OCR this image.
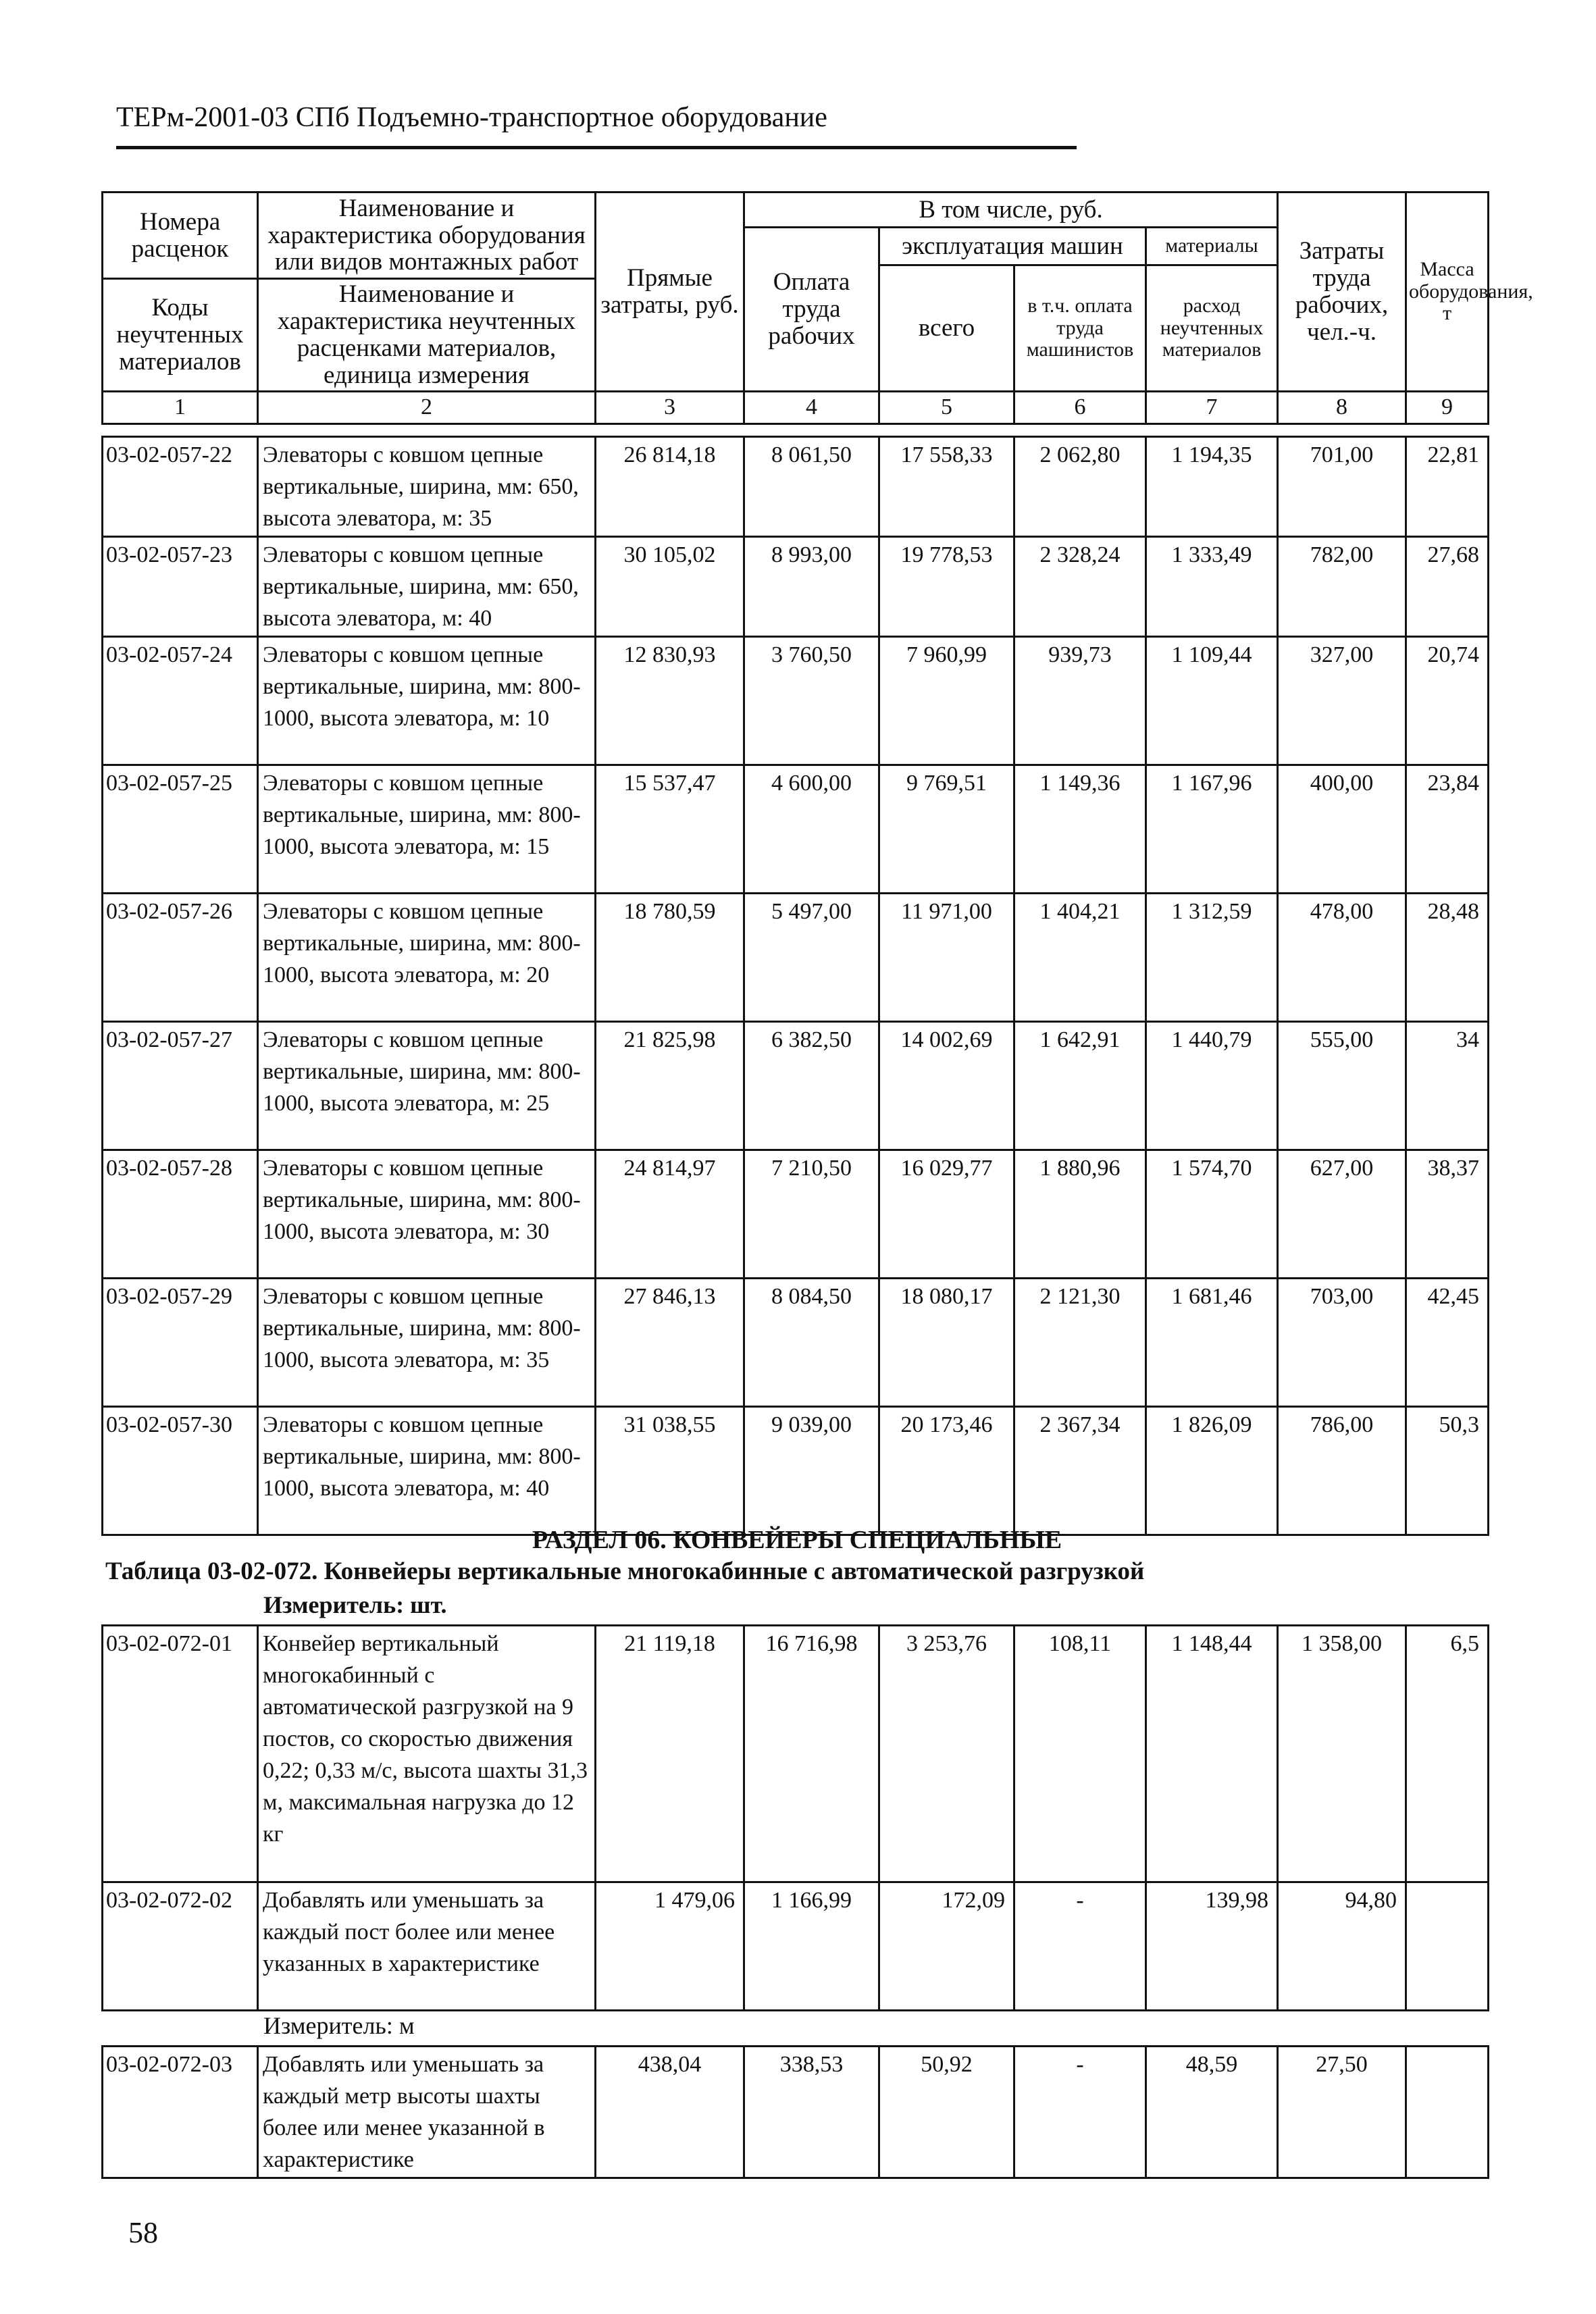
ТЕРм-2001-03 СПб Подъемно-транспортное оборудование
Номера расценок	Наименование и характеристика оборудования или видов монтажных работ	Прямые затраты, руб.	В том числе, руб.				Затраты труда рабочих, чел.-ч.	Масса оборудования, т
			Оплата труда рабочих	эксплуатация машин		материалы		
				всего	в т.ч. оплата труда машинистов	расход неучтенных материалов		
Коды неучтенных материалов	Наименование и характеристика неучтенных расценками материалов, единица измерения							

1	2	3	4	5	6	7	8	9
03-02-057-22	Элеваторы с ковшом цепные вертикальные, ширина, мм: 650, высота элеватора, м: 35	26 814,18	8 061,50	17 558,33	2 062,80	1 194,35	701,00	22,81
03-02-057-23	Элеваторы с ковшом цепные вертикальные, ширина, мм: 650, высота элеватора, м: 40	30 105,02	8 993,00	19 778,53	2 328,24	1 333,49	782,00	27,68
03-02-057-24	Элеваторы с ковшом цепные вертикальные, ширина, мм: 800-1000, высота элеватора, м: 10	12 830,93	3 760,50	7 960,99	939,73	1 109,44	327,00	20,74
03-02-057-25	Элеваторы с ковшом цепные вертикальные, ширина, мм: 800-1000, высота элеватора, м: 15	15 537,47	4 600,00	9 769,51	1 149,36	1 167,96	400,00	23,84
03-02-057-26	Элеваторы с ковшом цепные вертикальные, ширина, мм: 800-1000, высота элеватора, м: 20	18 780,59	5 497,00	11 971,00	1 404,21	1 312,59	478,00	28,48
03-02-057-27	Элеваторы с ковшом цепные вертикальные, ширина, мм: 800-1000, высота элеватора, м: 25	21 825,98	6 382,50	14 002,69	1 642,91	1 440,79	555,00	34
03-02-057-28	Элеваторы с ковшом цепные вертикальные, ширина, мм: 800-1000, высота элеватора, м: 30	24 814,97	7 210,50	16 029,77	1 880,96	1 574,70	627,00	38,37
03-02-057-29	Элеваторы с ковшом цепные вертикальные, ширина, мм: 800-1000, высота элеватора, м: 35	27 846,13	8 084,50	18 080,17	2 121,30	1 681,46	703,00	42,45
03-02-057-30	Элеваторы с ковшом цепные вертикальные, ширина, мм: 800-1000, высота элеватора, м: 40	31 038,55	9 039,00	20 173,46	2 367,34	1 826,09	786,00	50,3
РАЗДЕЛ 06. КОНВЕЙЕРЫ СПЕЦИАЛЬНЫЕ
Таблица 03-02-072. Конвейеры вертикальные многокабинные с автоматической разгрузкой
Измеритель: шт.
03-02-072-01	Конвейер вертикальный многокабинный с автоматической разгрузкой на 9 постов, со скоростью движения 0,22; 0,33 м/с, высота шахты 31,3 м, максимальная нагрузка до 12 кг	21 119,18	16 716,98	3 253,76	108,11	1 148,44	1 358,00	6,5
03-02-072-02	Добавлять или уменьшать за каждый пост более или менее указанных в характеристике	1 479,06	1 166,99	172,09	-	139,98	94,80	
Измеритель: м
03-02-072-03	Добавлять или уменьшать за каждый метр высоты шахты более или менее указанной в характеристике	438,04	338,53	50,92	-	48,59	27,50	
58
